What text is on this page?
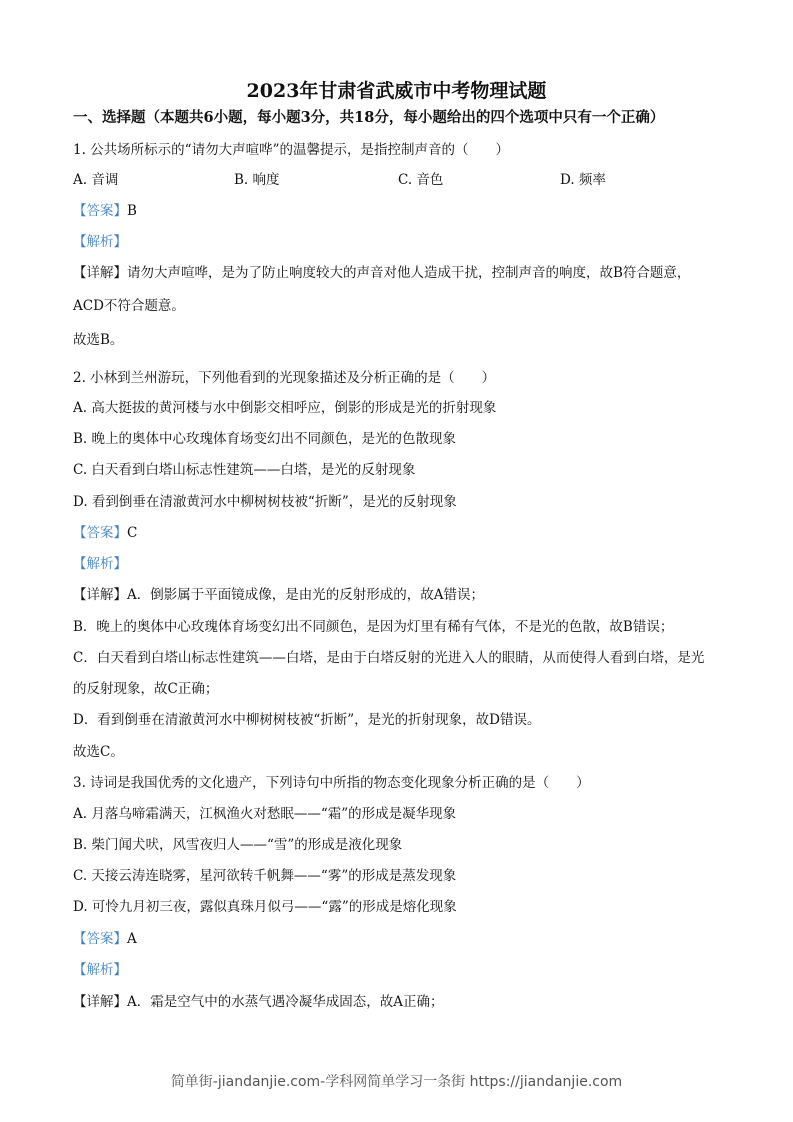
2023年甘肃省武威市中考物理试题
一、选择题（本题共6小题，每小题3分，共18分，每小题给出的四个选项中只有一个正确）
1. 公共场所标示的“请勿大声喧哗”的温馨提示，是指控制声音的（　　）
A. 音调	B. 响度	C. 音色	D. 频率
【答案】B
【解析】
【详解】请勿大声喧哗，是为了防止响度较大的声音对他人造成干扰，控制声音的响度，故B符合题意，
ACD不符合题意。
故选B。
2. 小林到兰州游玩，下列他看到的光现象描述及分析正确的是（　　）
A. 高大挺拔的黄河楼与水中倒影交相呼应，倒影的形成是光的折射现象
B. 晚上的奥体中心玫瑰体育场变幻出不同颜色，是光的色散现象
C. 白天看到白塔山标志性建筑——白塔，是光的反射现象
D. 看到倒垂在清澈黄河水中柳树树枝被“折断”，是光的反射现象
【答案】C
【解析】
【详解】A．倒影属于平面镜成像，是由光的反射形成的，故A错误；
B．晚上的奥体中心玫瑰体育场变幻出不同颜色，是因为灯里有稀有气体，不是光的色散，故B错误；
C．白天看到白塔山标志性建筑——白塔，是由于白塔反射的光进入人的眼睛，从而使得人看到白塔，是光
的反射现象，故C正确；
D．看到倒垂在清澈黄河水中柳树树枝被“折断”，是光的折射现象，故D错误。
故选C。
3. 诗词是我国优秀的文化遗产，下列诗句中所指的物态变化现象分析正确的是（　　）
A. 月落乌啼霜满天，江枫渔火对愁眠——“霜”的形成是凝华现象
B. 柴门闻犬吠，风雪夜归人——“雪”的形成是液化现象
C. 天接云涛连晓雾，星河欲转千帆舞——“雾”的形成是蒸发现象
D. 可怜九月初三夜，露似真珠月似弓——“露”的形成是熔化现象
【答案】A
【解析】
【详解】A．霜是空气中的水蒸气遇冷凝华成固态，故A正确；
简单街-jiandanjie.com-学科网简单学习一条街 https://jiandanjie.com
